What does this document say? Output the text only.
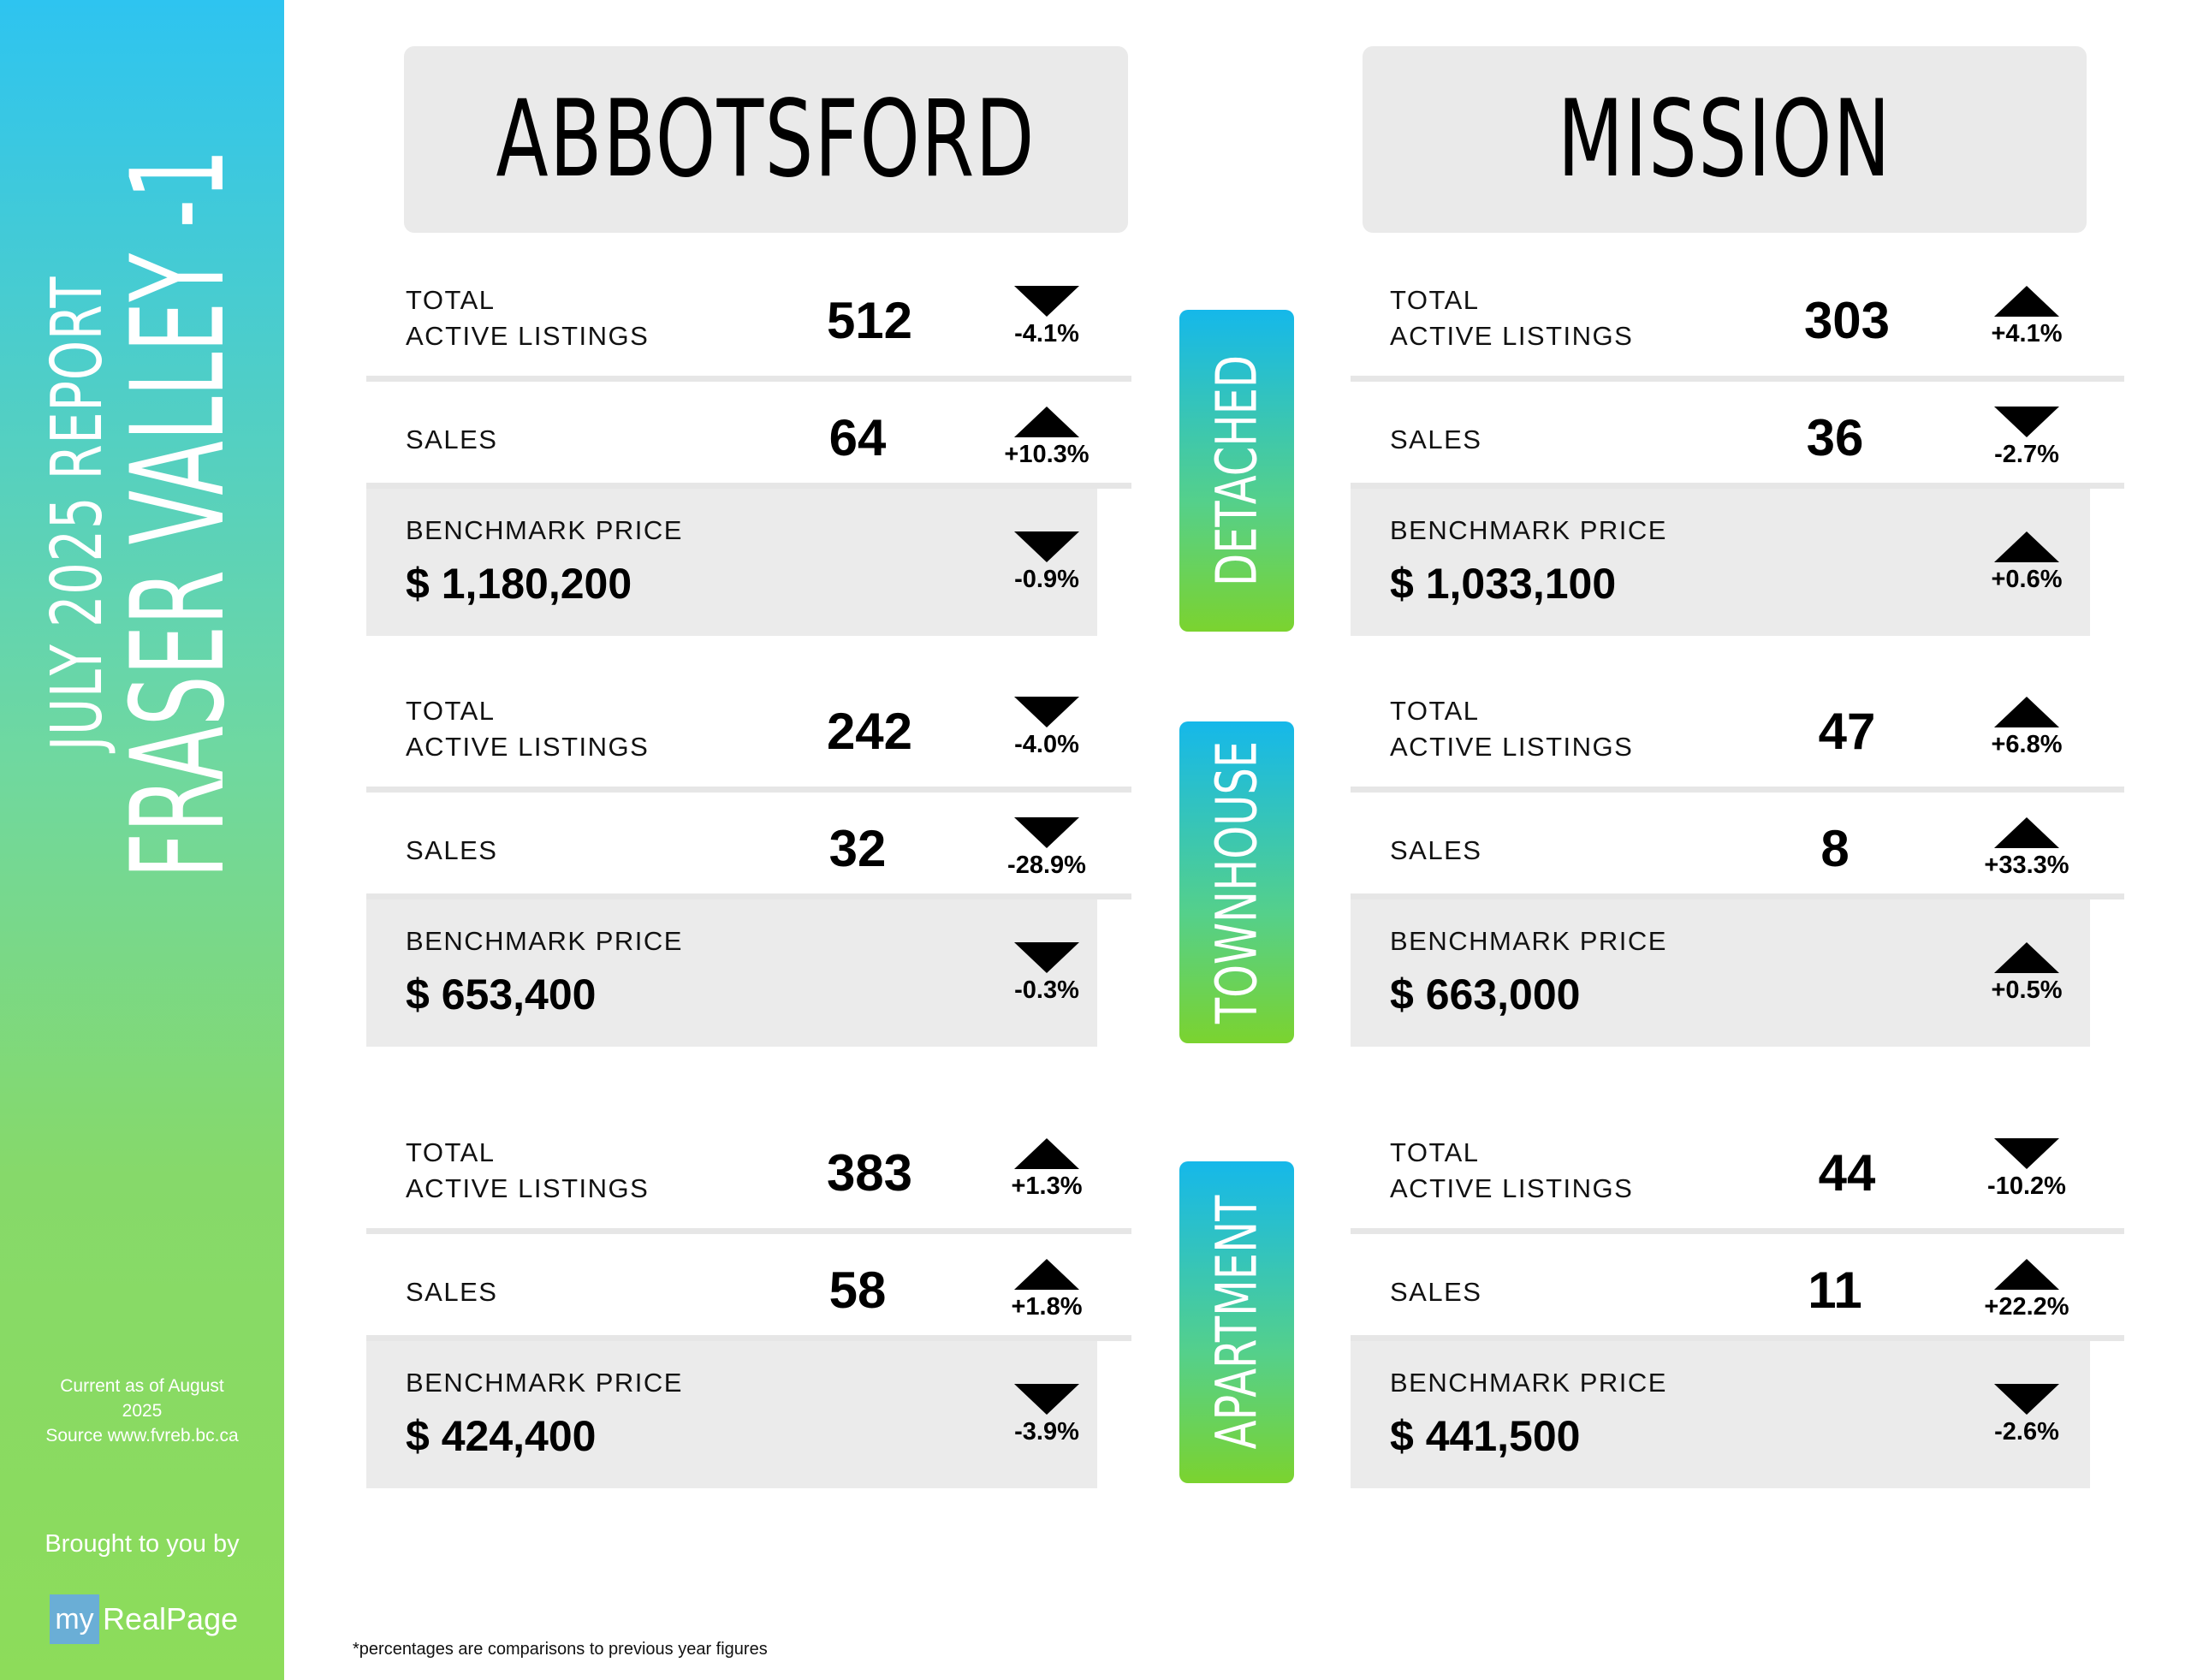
JULY 2025 REPORT
FRASER VALLEY -1
Current as of August
2025
Source www.fvreb.bc.ca
Brought to you by
my RealPage
ABBOTSFORD	MISSION
DETACHED
TOWNHOUSE
APARTMENT
TOTAL
ACTIVE LISTINGS	512	-4.1%
SALES	64	+10.3%
BENCHMARK PRICE
$ 1,180,200	-0.9%
TOTAL
ACTIVE LISTINGS	242	-4.0%
SALES	32	-28.9%
BENCHMARK PRICE
$ 653,400	-0.3%
TOTAL
ACTIVE LISTINGS	383	+1.3%
SALES	58	+1.8%
BENCHMARK PRICE
$ 424,400	-3.9%
TOTAL
ACTIVE LISTINGS	303	+4.1%
SALES	36	-2.7%
BENCHMARK PRICE
$ 1,033,100	+0.6%
TOTAL
ACTIVE LISTINGS	47	+6.8%
SALES	8	+33.3%
BENCHMARK PRICE
$ 663,000	+0.5%
TOTAL
ACTIVE LISTINGS	44	-10.2%
SALES	11	+22.2%
BENCHMARK PRICE
$ 441,500	-2.6%
*percentages are comparisons to previous year figures
